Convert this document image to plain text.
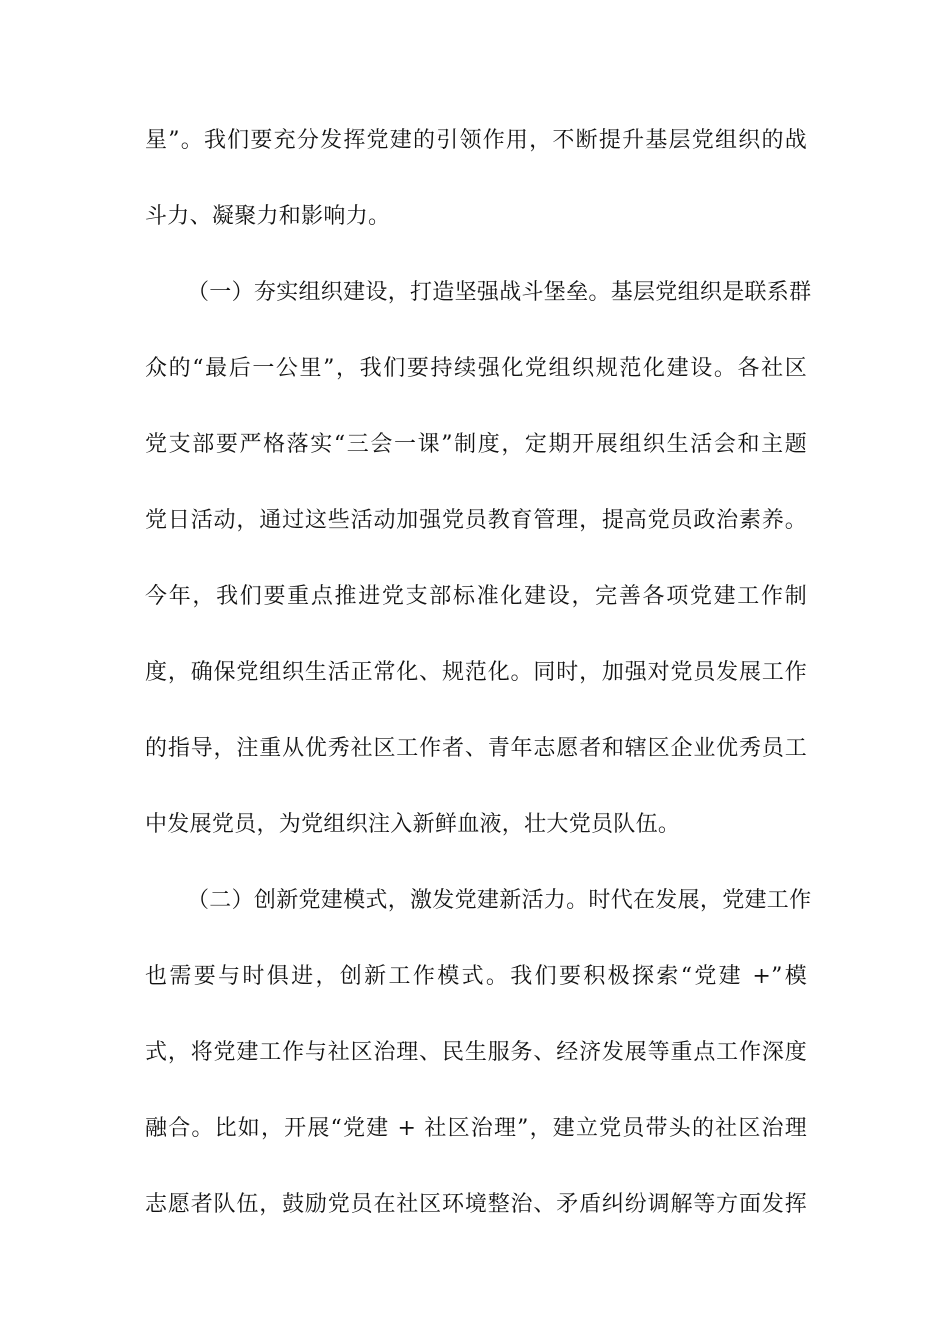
星”。我们要充分发挥党建的引领作用，不断提升基层党组织的战
斗力、凝聚力和影响力。
（一）夯实组织建设，打造坚强战斗堡垒。基层党组织是联系群
众的“最后一公里”，我们要持续强化党组织规范化建设。各社区
党支部要严格落实“三会一课”制度，定期开展组织生活会和主题
党日活动，通过这些活动加强党员教育管理，提高党员政治素养。
今年，我们要重点推进党支部标准化建设，完善各项党建工作制
度，确保党组织生活正常化、规范化。同时，加强对党员发展工作
的指导，注重从优秀社区工作者、青年志愿者和辖区企业优秀员工
中发展党员，为党组织注入新鲜血液，壮大党员队伍。
（二）创新党建模式，激发党建新活力。时代在发展，党建工作
也需要与时俱进，创新工作模式。我们要积极探索“党建 +”模
式，将党建工作与社区治理、民生服务、经济发展等重点工作深度
融合。比如，开展“党建 + 社区治理”，建立党员带头的社区治理
志愿者队伍，鼓励党员在社区环境整治、矛盾纠纷调解等方面发挥
